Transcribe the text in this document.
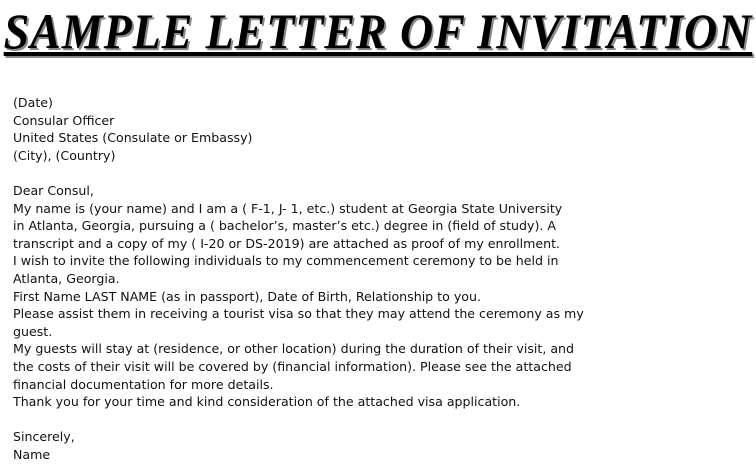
SAMPLE LETTER OF INVITATION
(Date)
Consular Officer
United States (Consulate or Embassy)
(City), (Country)
Dear Consul,
My name is (your name) and I am a ( F-1, J- 1, etc.) student at Georgia State University
in Atlanta, Georgia, pursuing a ( bachelor’s, master’s etc.) degree in (field of study). A
transcript and a copy of my ( I-20 or DS-2019) are attached as proof of my enrollment.
I wish to invite the following individuals to my commencement ceremony to be held in
Atlanta, Georgia.
First Name LAST NAME (as in passport), Date of Birth, Relationship to you.
Please assist them in receiving a tourist visa so that they may attend the ceremony as my
guest.
My guests will stay at (residence, or other location) during the duration of their visit, and
the costs of their visit will be covered by (financial information). Please see the attached
financial documentation for more details.
Thank you for your time and kind consideration of the attached visa application.
Sincerely,
Name
